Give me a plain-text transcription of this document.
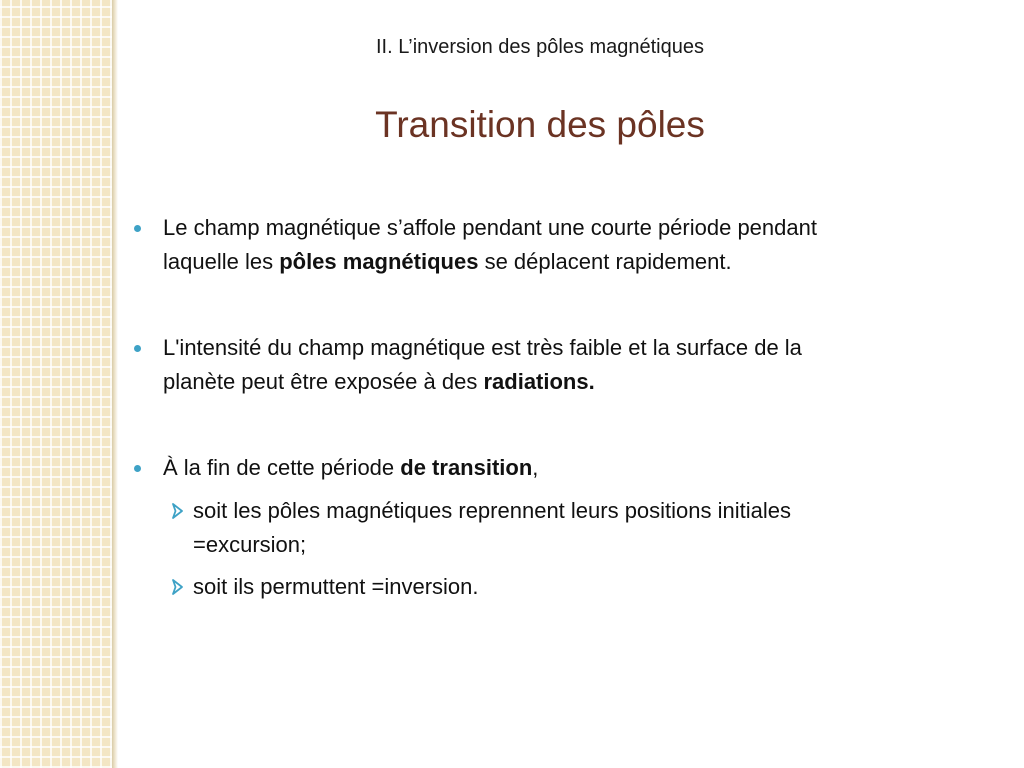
II. L’inversion des pôles magnétiques
Transition des pôles
Le champ magnétique s’affole pendant une courte période pendant
laquelle les pôles magnétiques se déplacent rapidement.
L'intensité du champ magnétique est très faible et la surface de la
planète peut être exposée à des radiations.
À la fin de cette période de transition,
soit les pôles magnétiques reprennent leurs positions initiales
=excursion;
soit ils permuttent =inversion.
